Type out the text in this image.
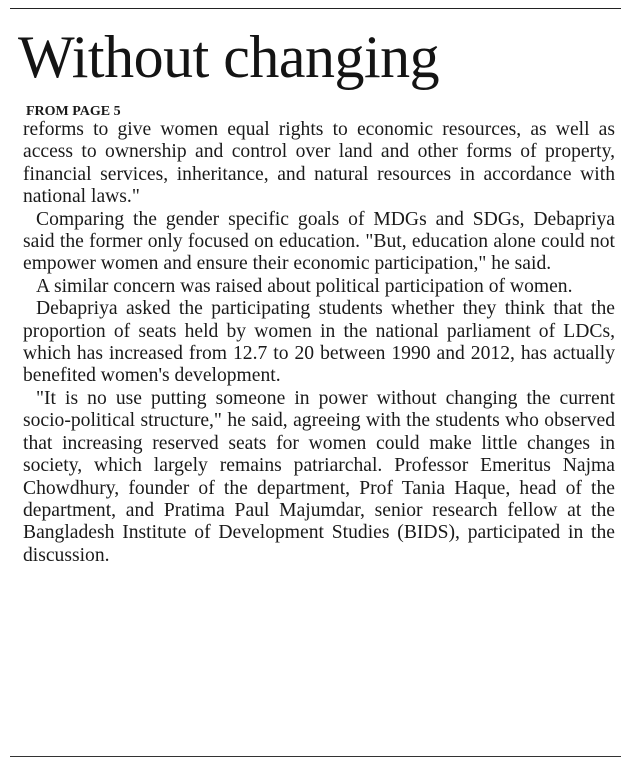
Without changing
FROM PAGE 5

reforms to give women equal rights to economic resources, as well as access to ownership and control over land and other forms of property, financial services, inheritance, and natural resources in accordance with national laws."

Comparing the gender specific goals of MDGs and SDGs, Debapriya said the former only focused on education. "But, education alone could not empower women and ensure their economic participation," he said.

A similar concern was raised about political participation of women.

Debapriya asked the participating students whether they think that the proportion of seats held by women in the national parliament of LDCs, which has increased from 12.7 to 20 between 1990 and 2012, has actually benefited women's development.

"It is no use putting someone in power without changing the current socio-political structure," he said, agreeing with the students who observed that increasing reserved seats for women could make little changes in society, which largely remains patriarchal. Professor Emeritus Najma Chowdhury, founder of the department, Prof Tania Haque, head of the department, and Pratima Paul Majumdar, senior research fellow at the Bangladesh Institute of Development Studies (BIDS), participated in the discussion.
